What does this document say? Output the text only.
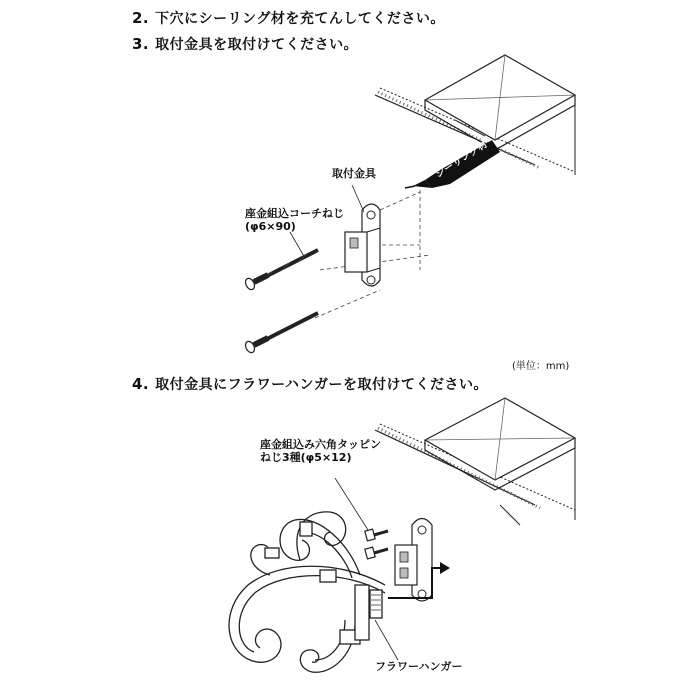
2. 下穴にシーリング材を充てんしてください。
3. 取付金具を取付けてください。
4. 取付金具にフラワーハンガーを取付けてください。
シーリング材
取付金具
座金組込コーチねじ
(φ6×90)
(単位：mm)
座金組込み六角タッピン
ねじ3種(φ5×12)
フラワーハンガー
